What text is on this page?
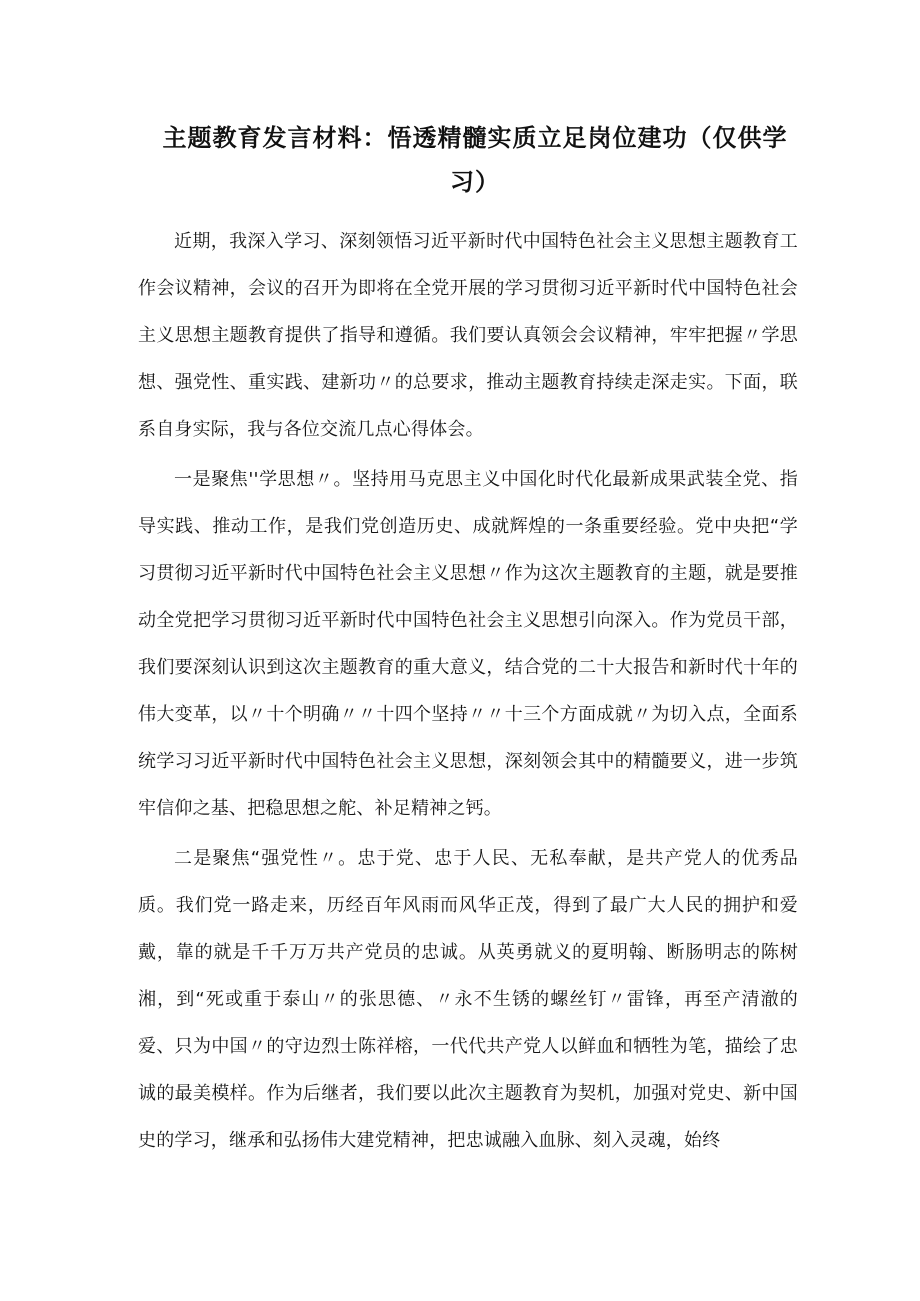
主题教育发言材料：悟透精髓实质立足岗位建功（仅供学习）

近期，我深入学习、深刻领悟习近平新时代中国特色社会主义思想主题教育工作会议精神，会议的召开为即将在全党开展的学习贯彻习近平新时代中国特色社会主义思想主题教育提供了指导和遵循。我们要认真领会会议精神，牢牢把握〃学思想、强党性、重实践、建新功〃的总要求，推动主题教育持续走深走实。下面，联系自身实际，我与各位交流几点心得体会。

一是聚焦''学思想〃。坚持用马克思主义中国化时代化最新成果武装全党、指导实践、推动工作，是我们党创造历史、成就辉煌的一条重要经验。党中央把“学习贯彻习近平新时代中国特色社会主义思想〃作为这次主题教育的主题，就是要推动全党把学习贯彻习近平新时代中国特色社会主义思想引向深入。作为党员干部，我们要深刻认识到这次主题教育的重大意义，结合党的二十大报告和新时代十年的伟大变革，以〃十个明确〃〃十四个坚持〃〃十三个方面成就〃为切入点，全面系统学习习近平新时代中国特色社会主义思想，深刻领会其中的精髓要义，进一步筑牢信仰之基、把稳思想之舵、补足精神之钙。

二是聚焦“强党性〃。忠于党、忠于人民、无私奉献，是共产党人的优秀品质。我们党一路走来，历经百年风雨而风华正茂，得到了最广大人民的拥护和爱戴，靠的就是千千万万共产党员的忠诚。从英勇就义的夏明翰、断肠明志的陈树湘，到“死或重于泰山〃的张思德、〃永不生锈的螺丝钉〃雷锋，再至产清澈的爱、只为中国〃的守边烈士陈祥榕，一代代共产党人以鲜血和牺牲为笔，描绘了忠诚的最美模样。作为后继者，我们要以此次主题教育为契机，加强对党史、新中国史的学习，继承和弘扬伟大建党精神，把忠诚融入血脉、刻入灵魂，始终
